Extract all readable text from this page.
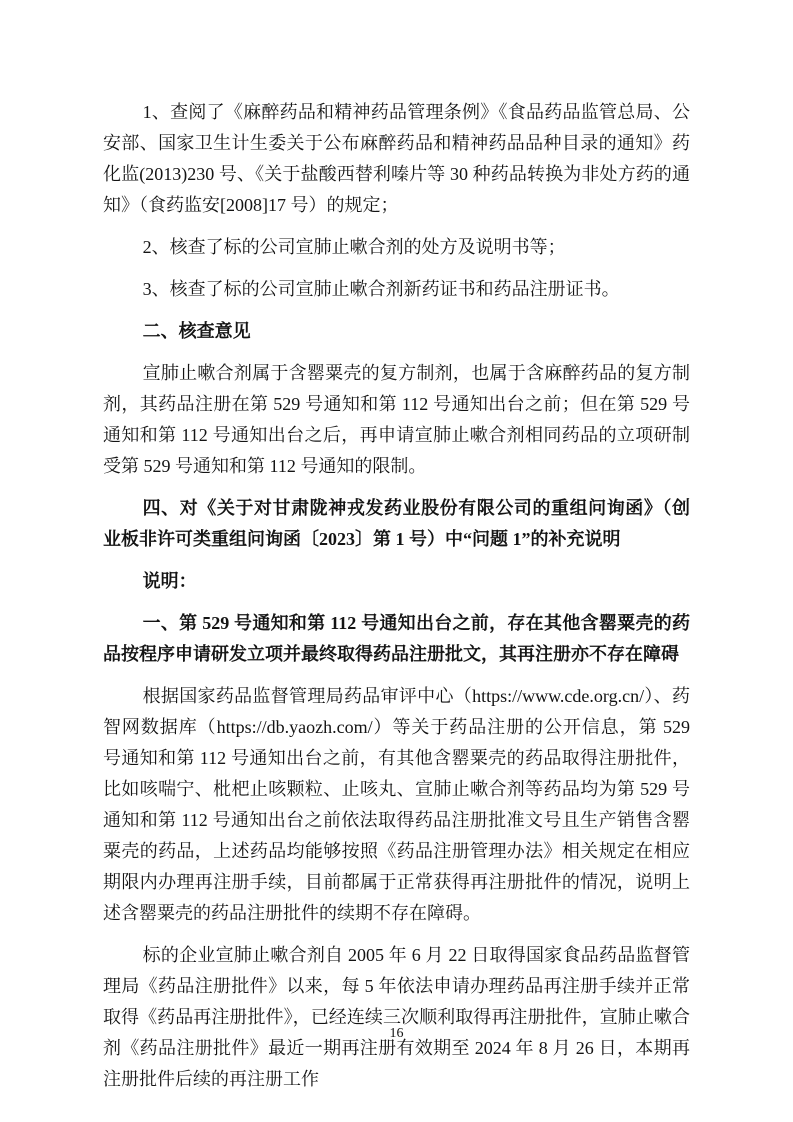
1、查阅了《麻醉药品和精神药品管理条例》《食品药品监管总局、公安部、国家卫生计生委关于公布麻醉药品和精神药品品种目录的通知》药化监(2013)230 号、《关于盐酸西替利嗪片等 30 种药品转换为非处方药的通知》（食药监安[2008]17 号）的规定；

2、核查了标的公司宣肺止嗽合剂的处方及说明书等；

3、核查了标的公司宣肺止嗽合剂新药证书和药品注册证书。

二、核查意见

宣肺止嗽合剂属于含罂粟壳的复方制剂，也属于含麻醉药品的复方制剂，其药品注册在第 529 号通知和第 112 号通知出台之前；但在第 529 号通知和第 112 号通知出台之后，再申请宣肺止嗽合剂相同药品的立项研制受第 529 号通知和第 112 号通知的限制。

四、对《关于对甘肃陇神戎发药业股份有限公司的重组问询函》（创业板非许可类重组问询函〔2023〕第 1 号）中“问题 1”的补充说明

说明：

一、第 529 号通知和第 112 号通知出台之前，存在其他含罂粟壳的药品按程序申请研发立项并最终取得药品注册批文，其再注册亦不存在障碍

根据国家药品监督管理局药品审评中心（https://www.cde.org.cn/）、药智网数据库（https://db.yaozh.com/）等关于药品注册的公开信息，第 529 号通知和第 112 号通知出台之前，有其他含罂粟壳的药品取得注册批件，比如咳喘宁、枇杷止咳颗粒、止咳丸、宣肺止嗽合剂等药品均为第 529 号通知和第 112 号通知出台之前依法取得药品注册批准文号且生产销售含罂粟壳的药品，上述药品均能够按照《药品注册管理办法》相关规定在相应期限内办理再注册手续，目前都属于正常获得再注册批件的情况，说明上述含罂粟壳的药品注册批件的续期不存在障碍。

标的企业宣肺止嗽合剂自 2005 年 6 月 22 日取得国家食品药品监督管理局《药品注册批件》以来，每 5 年依法申请办理药品再注册手续并正常取得《药品再注册批件》，已经连续三次顺利取得再注册批件，宣肺止嗽合剂《药品注册批件》最近一期再注册有效期至 2024 年 8 月 26 日，本期再注册批件后续的再注册工作

16
